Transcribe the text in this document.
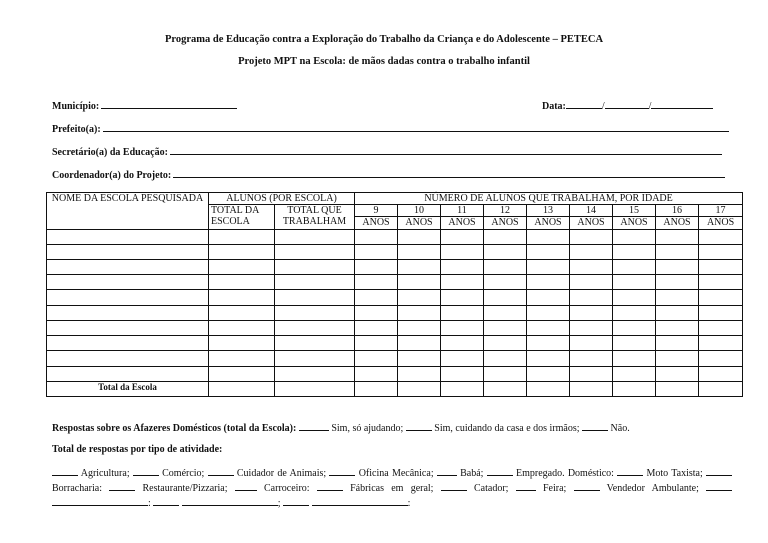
Programa de Educação contra a Exploração do Trabalho da Criança e do Adolescente – PETECA
Projeto MPT na Escola: de mãos dadas contra o trabalho infantil
Município:	Data:	/	/
Prefeito(a):
Secretário(a) da Educação:
Coordenador(a) do Projeto:
NOME DA ESCOLA PESQUISADA	ALUNOS (POR ESCOLA)		NÚMERO DE ALUNOS QUE TRABALHAM, POR IDADE								
	TOTAL DA ESCOLA	TOTAL QUE TRABALHAM	9	10	11	12	13	14	15	16	17
			ANOS	ANOS	ANOS	ANOS	ANOS	ANOS	ANOS	ANOS	ANOS

Total da Escola											
Respostas sobre os Afazeres Domésticos (total da Escola):	Sim, só ajudando;	Sim, cuidando da casa e dos irmãos;	Não.
Total de respostas por tipo de atividade:
Agricultura;	Comércio;	Cuidador de Animais;	Oficina Mecânica;	Babá;	Empregado. Doméstico:	Moto Taxista;  Borracharia:	Restaurante/Pizzaria;	Carroceiro:	Fábricas em geral;	Catador;	Feira;	Vendedor Ambulante;  :	;	:
